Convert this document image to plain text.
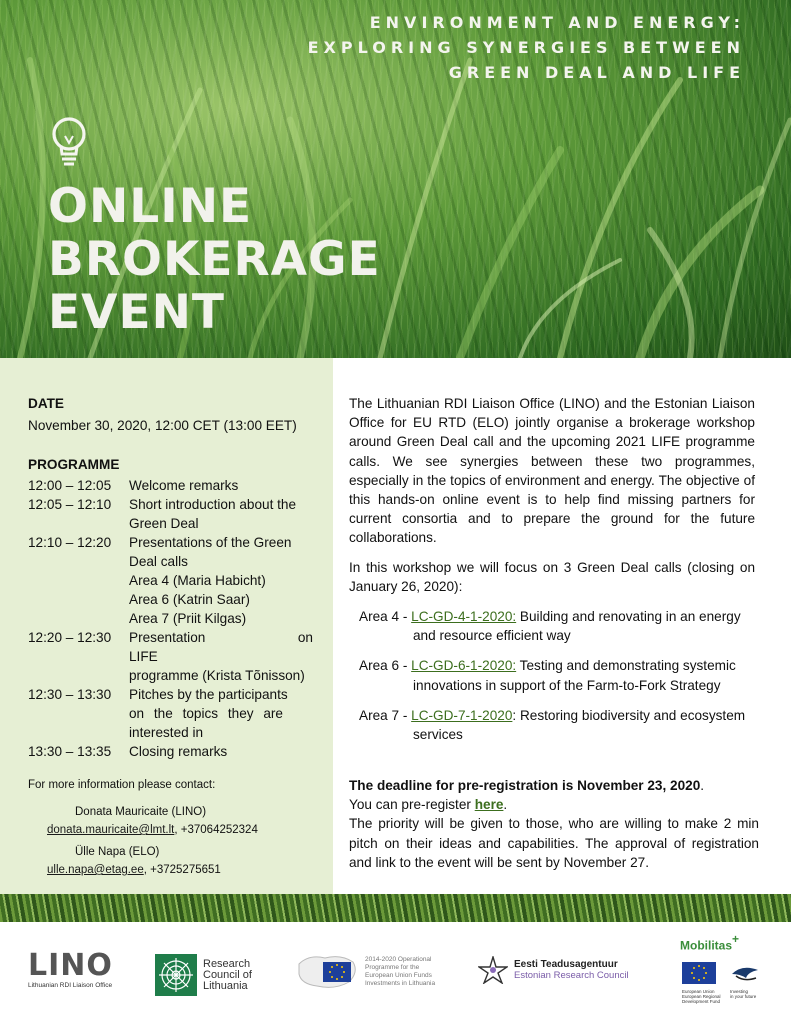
ENVIRONMENT AND ENERGY:
EXPLORING SYNERGIES BETWEEN
GREEN DEAL AND LIFE
ONLINE
BROKERAGE
EVENT
DATE
November 30, 2020, 12:00 CET (13:00 EET)
PROGRAMME
12:00 – 12:05	Welcome remarks
12:05 – 12:10	Short introduction about the
Green Deal
12:10 – 12:20	Presentations of the Green
Deal calls
Area 4 (Maria Habicht)
Area 6 (Katrin Saar)
Area 7 (Priit Kilgas)
12:20 – 12:30	Presentation on LIFE
programme (Krista Tõnisson)
12:30 – 13:30	Pitches by the participants
on the topics they are
interested in
13:30 – 13:35	Closing remarks
For more information please contact:
Donata Mauricaite (LINO)
donata.mauricaite@lmt.lt, +37064252324
Ülle Napa (ELO)
ulle.napa@etag.ee, +3725275651

The Lithuanian RDI Liaison Office (LINO) and the Estonian Liaison Office for EU RTD (ELO) jointly organise a brokerage workshop around Green Deal call and the upcoming 2021 LIFE programme calls. We see synergies between these two programmes, especially in the topics of environment and energy. The objective of this hands-on online event is to help find missing partners for current consortia and to prepare the ground for the future collaborations.

In this workshop we will focus on 3 Green Deal calls (closing on January 26, 2020):

Area 4 - LC-GD-4-1-2020: Building and renovating in an energy and resource efficient way
Area 6 - LC-GD-6-1-2020: Testing and demonstrating systemic innovations in support of the Farm-to-Fork Strategy
Area 7 - LC-GD-7-1-2020: Restoring biodiversity and ecosystem services
The deadline for pre-registration is November 23, 2020.
You can pre-register here.

The priority will be given to those, who are willing to make 2 min pitch on their ideas and capabilities. The approval of registration and link to the event will be sent by November 27.

LINO
Lithuanian RDI Liaison Office
Research
Council of
Lithuania
2014-2020 Operational
Programme for the
European Union Funds
Investments in Lithuania
Eesti Teadusagentuur
Estonian Research Council
Mobilitas+
European Union
European Regional
Development Fund
Investing
in your future
